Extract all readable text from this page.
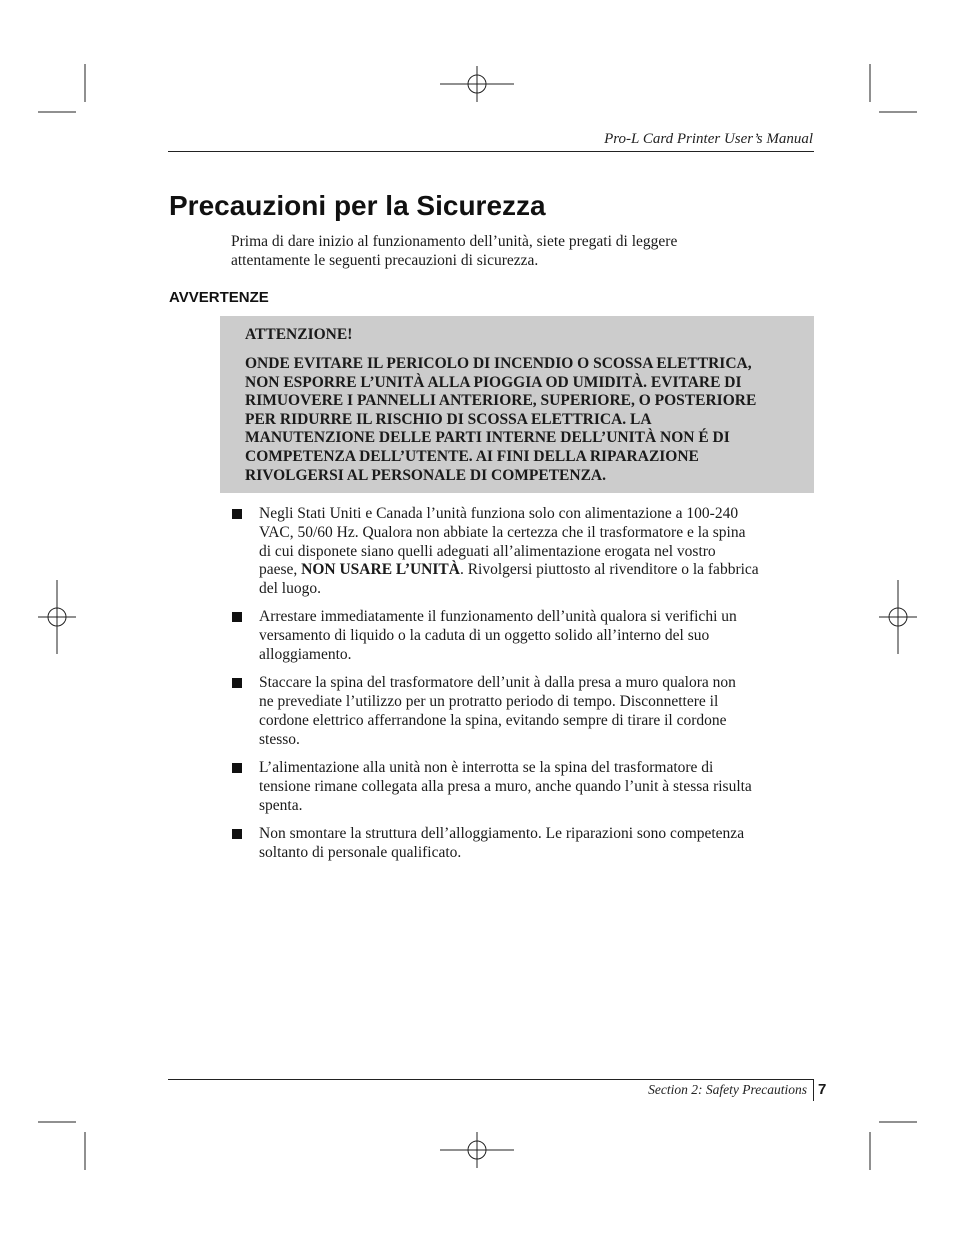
Pro-L Card Printer User’s Manual
Precauzioni per la Sicurezza
Prima di dare inizio al funzionamento dell’unità, siete pregati di leggere
attentamente le seguenti precauzioni di sicurezza.
AVVERTENZE
ATTENZIONE!
ONDE EVITARE IL PERICOLO DI INCENDIO O SCOSSA ELETTRICA,
NON ESPORRE L’UNITÀ ALLA PIOGGIA OD UMIDITÀ. EVITARE DI
RIMUOVERE I PANNELLI ANTERIORE, SUPERIORE, O POSTERIORE
PER RIDURRE IL RISCHIO DI SCOSSA ELETTRICA. LA
MANUTENZIONE DELLE PARTI INTERNE DELL’UNITÀ NON É DI
COMPETENZA DELL’UTENTE. AI FINI DELLA RIPARAZIONE
RIVOLGERSI AL PERSONALE DI COMPETENZA.
Negli Stati Uniti e Canada l’unità funziona solo con alimentazione a 100-240
VAC, 50/60 Hz. Qualora non abbiate la certezza che il trasformatore e la spina
di cui disponete siano quelli adeguati all’alimentazione erogata nel vostro
paese, NON USARE L’UNITÀ. Rivolgersi piuttosto al rivenditore o la fabbrica
del luogo.
Arrestare immediatamente il funzionamento dell’unità qualora si verifichi un
versamento di liquido o la caduta di un oggetto solido all’interno del suo
alloggiamento.
Staccare la spina del trasformatore dell’unit à dalla presa a muro qualora non
ne prevediate l’utilizzo per un protratto periodo di tempo. Disconnettere il
cordone elettrico afferrandone la spina, evitando sempre di tirare il cordone
stesso.
L’alimentazione alla unità non è interrotta se la spina del trasformatore di
tensione rimane collegata alla presa a muro, anche quando l’unit à stessa risulta
spenta.
Non smontare la struttura dell’alloggiamento. Le riparazioni sono competenza
soltanto di personale qualificato.
Section 2: Safety Precautions 7
